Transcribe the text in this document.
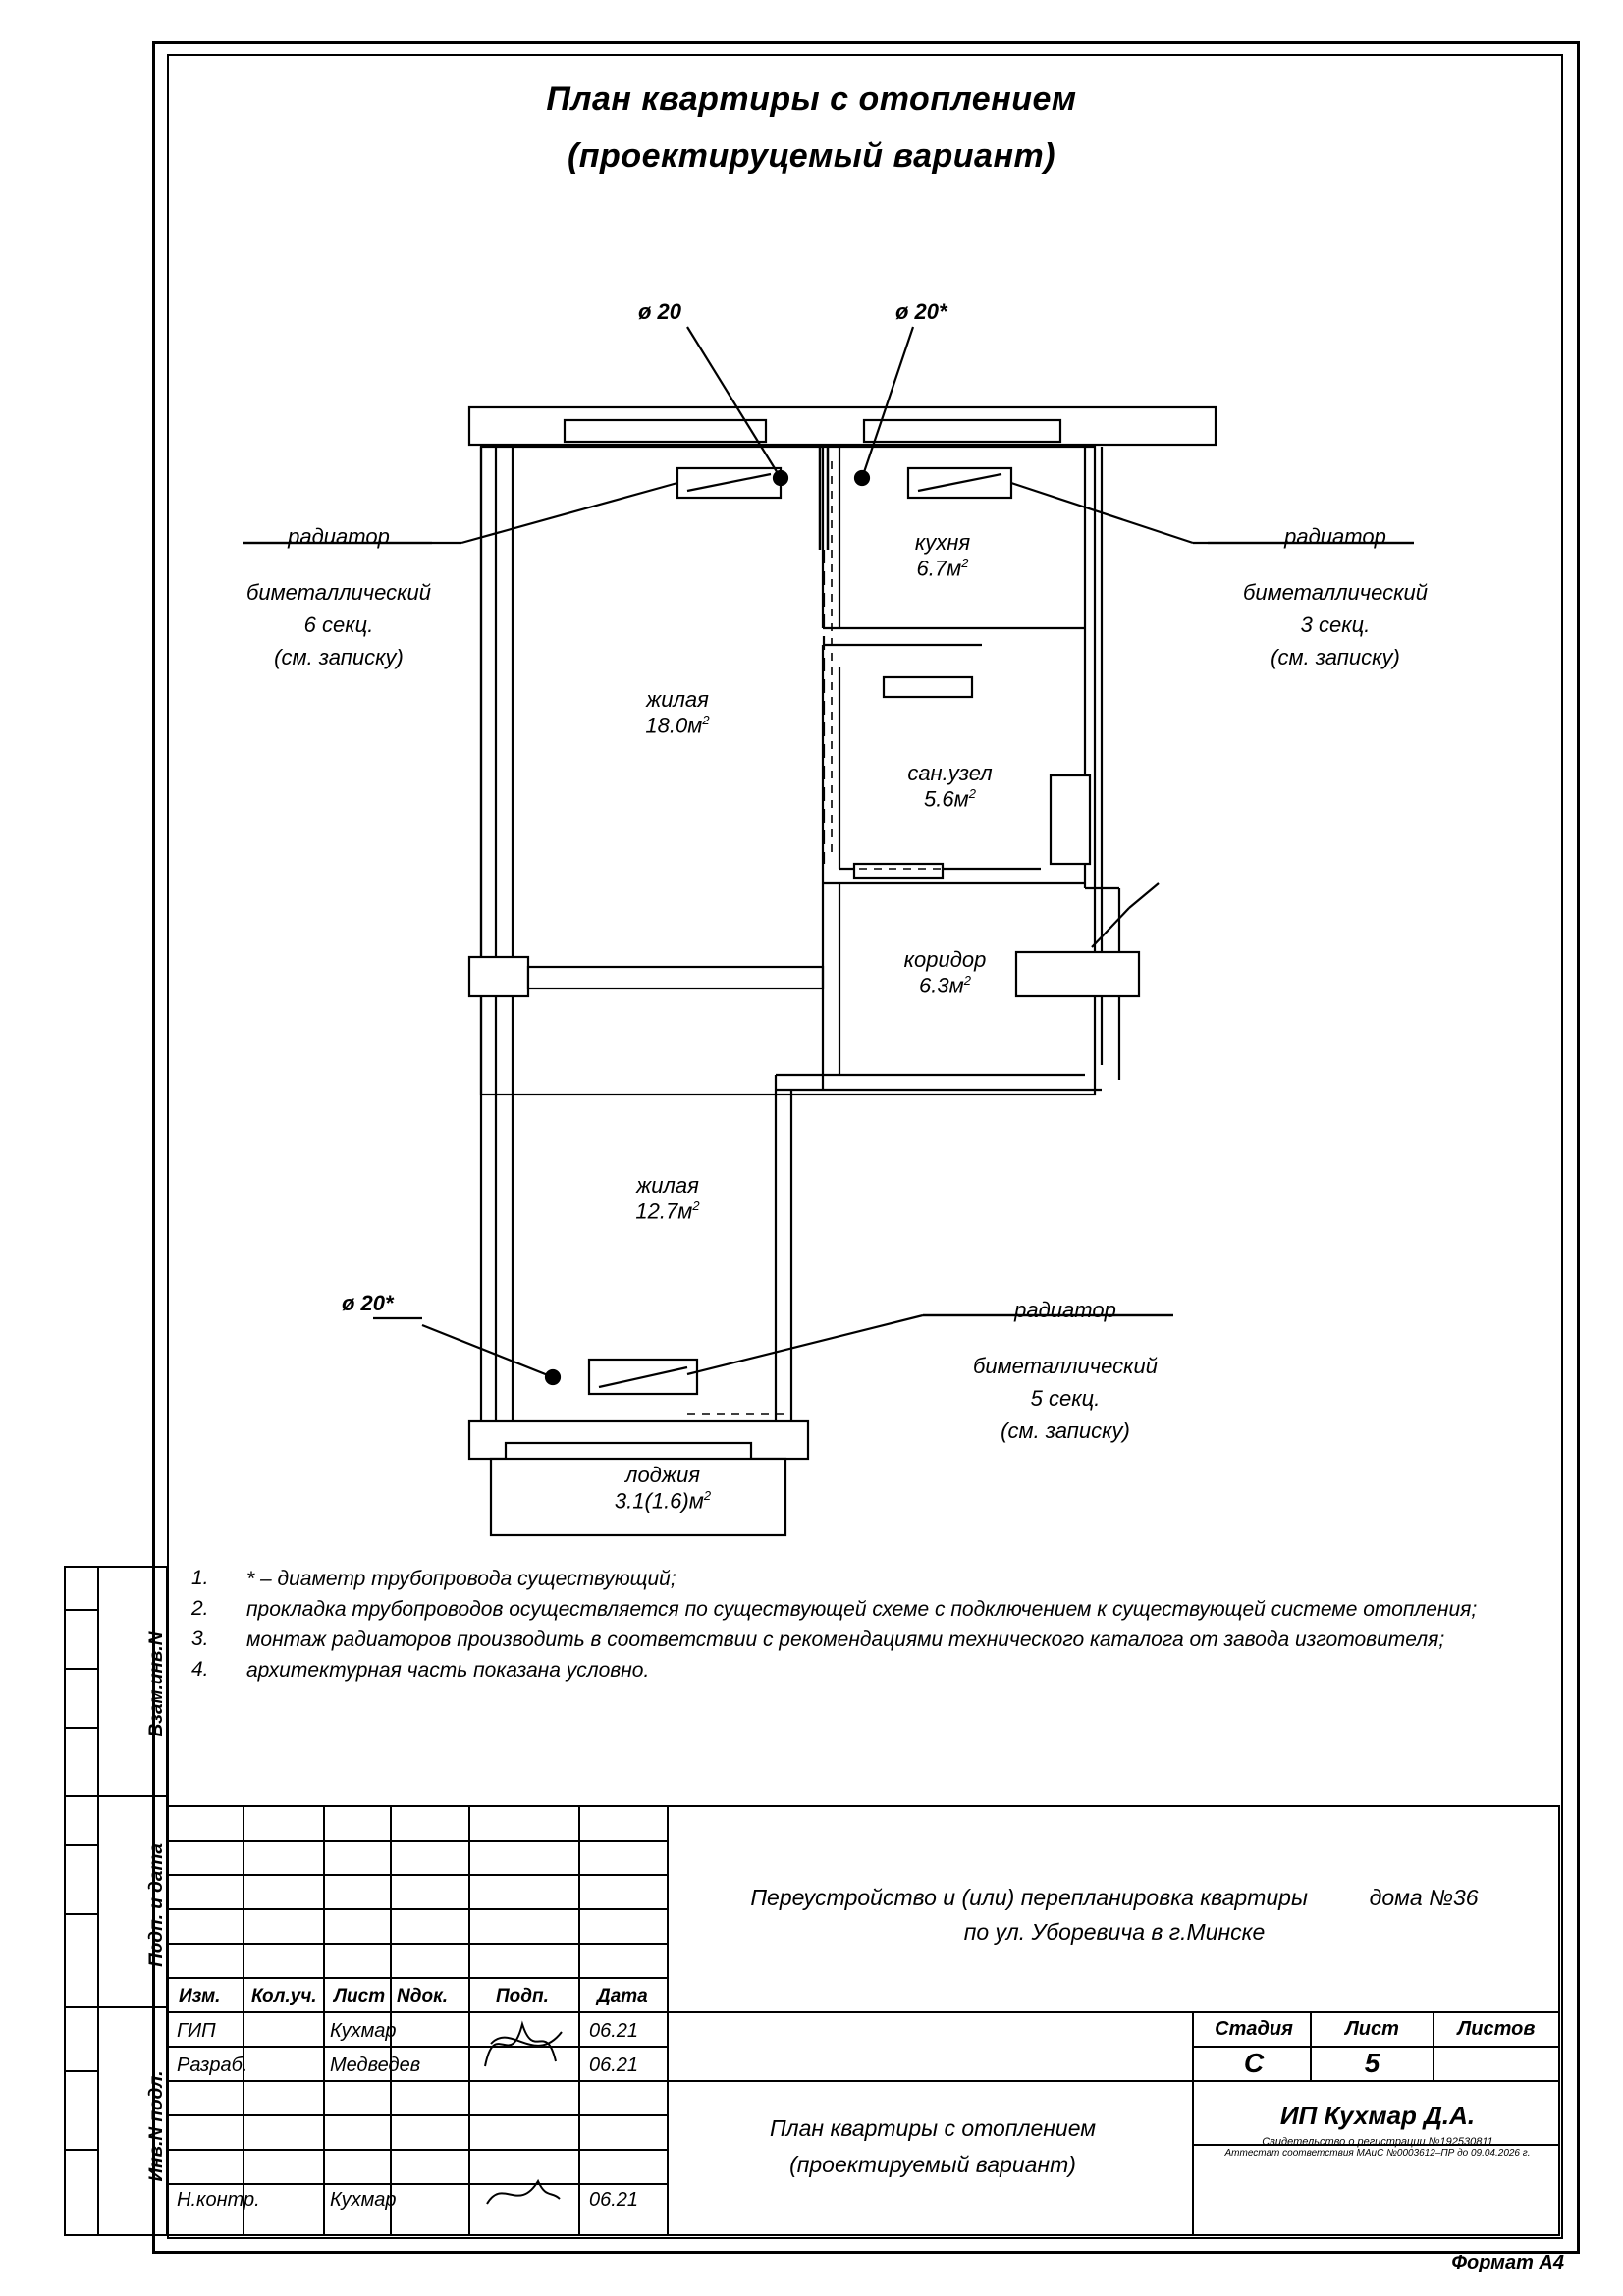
План квартиры с отоплением
(проектируцемый вариант)
ø 20	ø 20*
ø 20*
кухня
$6.7м^2$
жилая
$18.0м^2$
сан.узел
$5.6м^2$
коридор
$6.3м^2$
жилая
$12.7м^2$
лоджия
$3.1(1.6)м^2$
радиатор
биметаллический
6 секц.
(см. записку)
радиатор
биметаллический
3 секц.
(см. записку)
радиатор
биметаллический
5 секц.
(см. записку)
1.	* – диаметр трубопровода существующий;
2.	прокладка трубопроводов осуществляется по существующей схеме с подключением к существующей системе отопления;
3.	монтаж радиаторов производить в соответствии с рекомендациями технического каталога от завода изготовителя;
4.	архитектурная часть показана условно.
Взам.инв.N
Подп. и дата
Инв.N подл.
Изм. Кол.уч. Лист Nдок.	Подп.	Дата
ГИП	Кухмар	06.21
Разраб.	Медведев	06.21
Н.контр.	Кухмар	06.21
Переустройство и (или) перепланировка квартиры	дома №36
по ул. Уборевича в г.Минске
Стадия	Лист	Листов
С	5
План квартиры с отоплением
(проектируемый вариант)
ИП Кухмар Д.А.
Свидетельство о регистрации №192530811
Аттестат соответствия МАиС №0003612–ПР до 09.04.2026 г.
Формат A4
